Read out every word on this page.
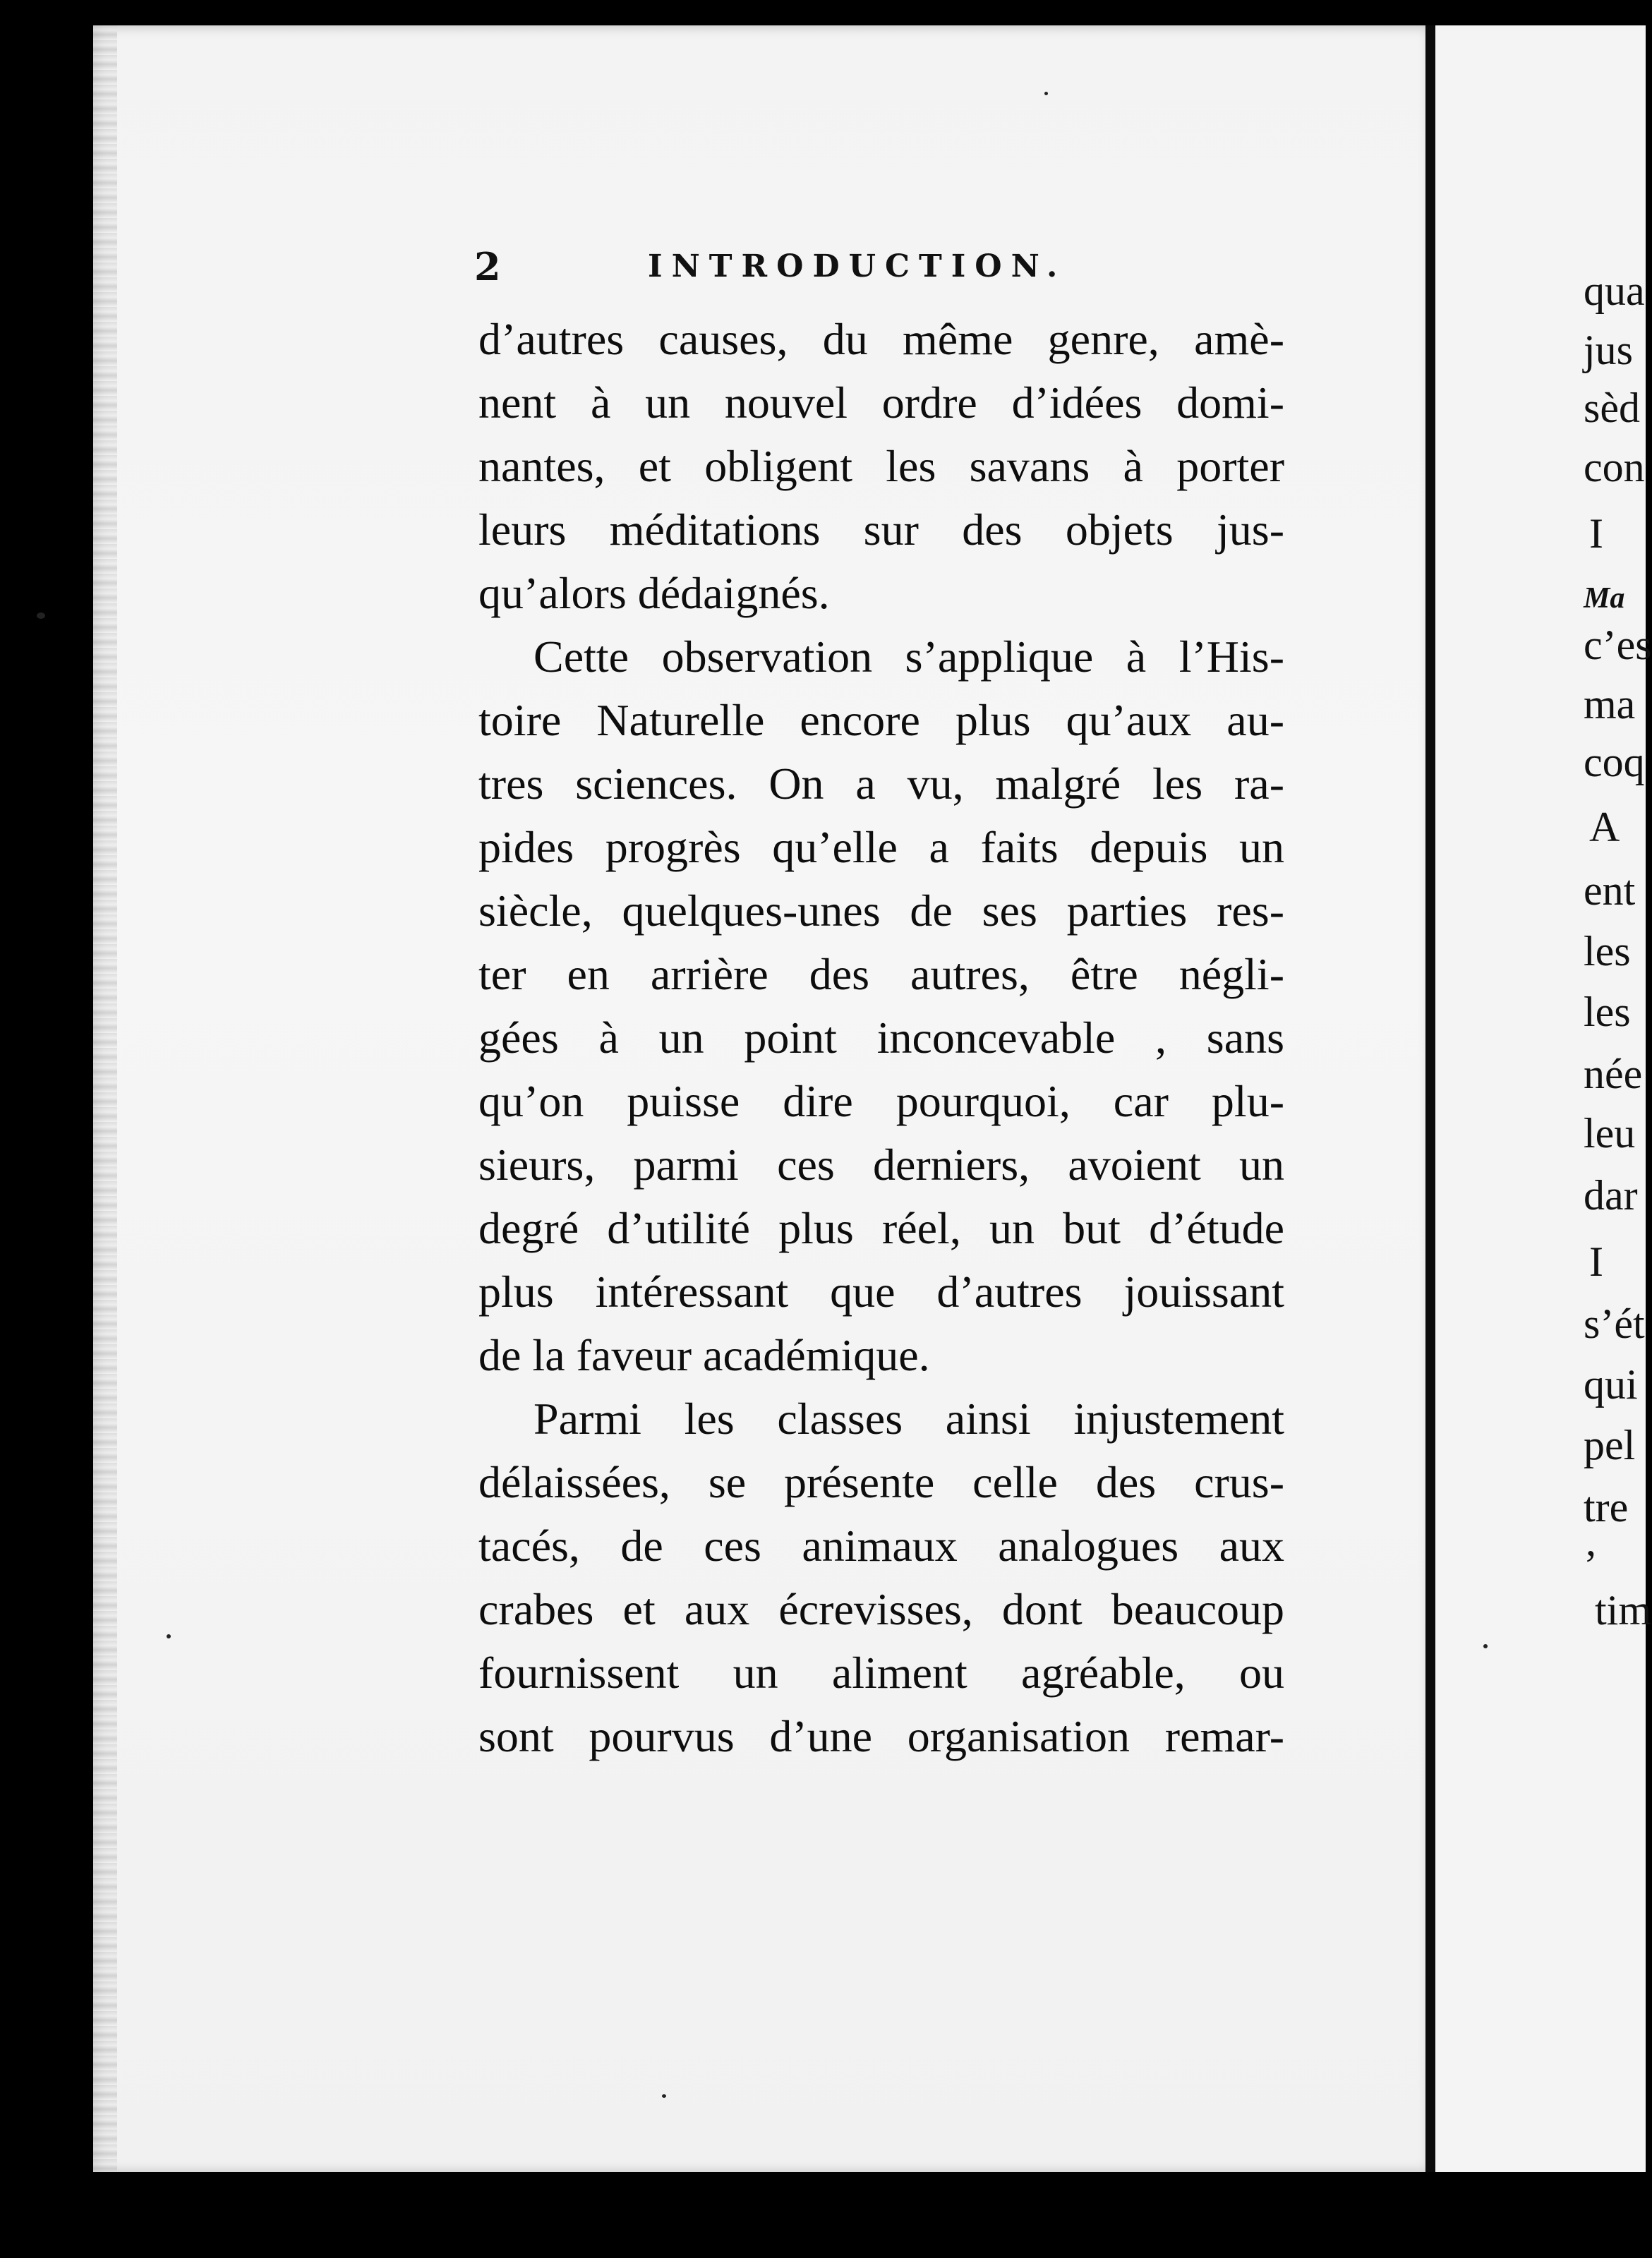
2	INTRODUCTION.
d’autres causes, du même genre, amè-
nent à un nouvel ordre d’idées domi-
nantes, et obligent les savans à porter
leurs méditations sur des objets jus-
qu’alors dédaignés.
Cette observation s’applique à l’His-
toire Naturelle encore plus qu’aux au-
tres sciences. On a vu, malgré les ra-
pides progrès qu’elle a faits depuis un
siècle, quelques-unes de ses parties res-
ter en arrière des autres, être négli-
gées à un point inconcevable , sans
qu’on puisse dire pourquoi, car plu-
sieurs, parmi ces derniers, avoient un
degré d’utilité plus réel, un but d’étude
plus intéressant que d’autres jouissant
de la faveur académique.
Parmi les classes ainsi injustement
délaissées, se présente celle des crus-
tacés, de ces animaux analogues aux
crabes et aux écrevisses, dont beaucoup
fournissent un aliment agréable, ou
sont pourvus d’une organisation remar-
qua
jus
sèd
con
I
Ma
c’es
ma
coq
A
ent
les
les
née
leu
dar
I
s’ét
qui
pel
tre
’
tim
